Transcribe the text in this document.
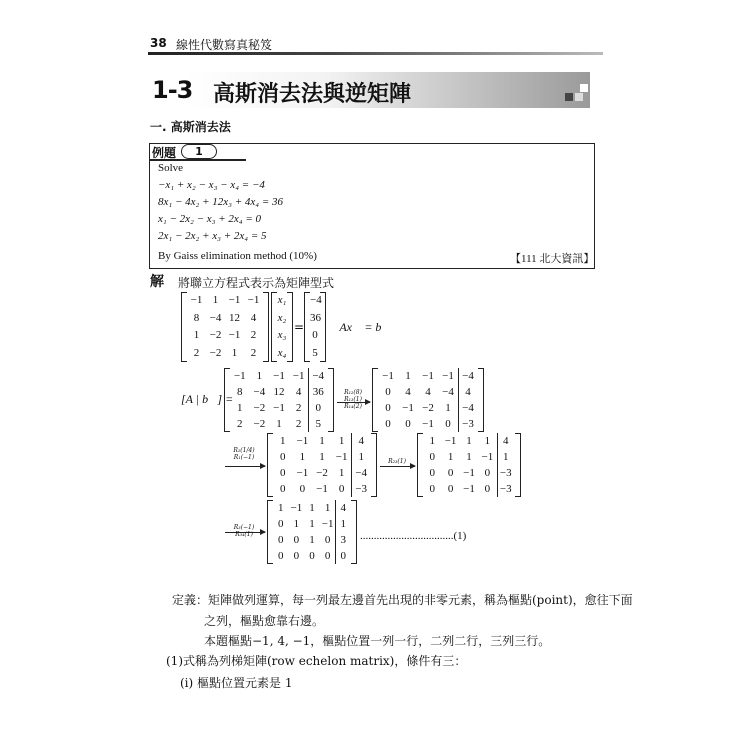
38 線性代數寫真秘笈
1-3 高斯消去法與逆矩陣
一. 高斯消去法
例題	1
Solve
−x₁ + x₂ − x₃ − x₄ = −4
8x₁ − 4x₂ + 12x₃ + 4x₄ = 36
x₁ − 2x₂ − x₃ + 2x₄ = 0
2x₁ − 2x₂ + x₃ + 2x₄ = 5
By Gaiss elimination method (10%)	【111 北大資訊】
解 將聯立方程式表示為矩陣型式
−1 1 −1 −1
8 −4 12 4
1 −2 −1 2
2 −2 1	2
x₁
x₂
x₃
x₄
=
−4
36
0
5
，Ax⃗ = b⃗
[A | b⃗] =
−1 1 −1 −1 −4
8 −4 12	4	36
1 −2 −1	2	0
2 −2 1	2	5
R₁₂(8)
R₁₃(1)
R₁₄(2)
−1	1	−1 −1 −4
0	4	4	−4	4
0	−1 −2	1	−4
0	0	−1	0	−3
R₂(1/4)
R₁(−1)
1 −1 1	1	4
0	1	1	−1 1
0 −1 −2	1 −4
0	0 −1	0 −3
R₂₃(1)
1 −1 1	1	4
0	1	1 −1 1
0	0 −1 0 −3
0	0 −1 0 −3
R₃(−1)
R₃₄(1)
1 −1 1 1 4
0 1 1 −1 1
0 0 1 0 3
0 0 0 0 0
..................................(1)
定義：矩陣做列運算，每一列最左邊首先出現的非零元素，稱為樞點(point)，愈往下面
之列，樞點愈靠右邊。
本題樞點−1, 4, −1，樞點位置一列一行，二列二行，三列三行。
(1)式稱為列梯矩陣(row echelon matrix)，條件有三：
(i) 樞點位置元素是 1
